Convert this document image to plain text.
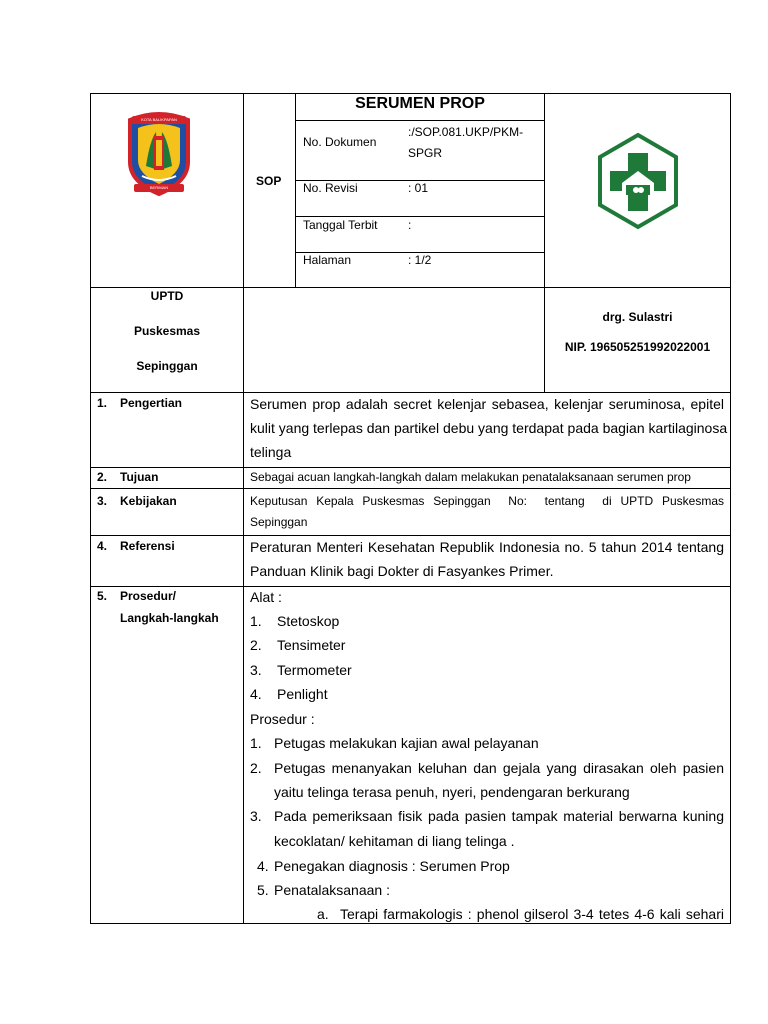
KOTA BALIKPAPAN
BERIMAN	SOP
SERUMEN PROP
No. Dokumen
:/SOP.081.UKP/PKM-
SPGR
No. Revisi	: 01
Tanggal Terbit	:
Halaman	: 1/2
UPTD
Puskesmas
Sepinggan
drg. Sulastri
NIP. 196505251992022001
1. Pengertian	Serumen prop adalah secret kelenjar sebasea, kelenjar seruminosa, epitel
kulit yang terlepas dan partikel debu yang terdapat pada bagian kartilaginosa
telinga
2. Tujuan	Sebagai acuan langkah-langkah dalam melakukan penatalaksanaan serumen prop
3. Kebijakan	Keputusan Kepala Puskesmas Sepinggan  No:  tentang  di UPTD Puskesmas
Sepinggan
4. Referensi	Peraturan Menteri Kesehatan Republik Indonesia no. 5 tahun 2014 tentang
Panduan Klinik bagi Dokter di Fasyankes Primer.
5. Prosedur/
Langkah-langkah
Alat :
1. Stetoskop
2. Tensimeter
3. Termometer
4. Penlight
Prosedur :
1. Petugas melakukan kajian awal pelayanan
2. Petugas menanyakan keluhan dan gejala yang dirasakan oleh pasien
yaitu telinga terasa penuh, nyeri, pendengaran berkurang
3. Pada pemeriksaan fisik pada pasien tampak material berwarna kuning
kecoklatan/ kehitaman di liang telinga .
4. Penegakan diagnosis : Serumen Prop
5. Penatalaksanaan :
a. Terapi farmakologis : phenol gilserol 3-4 tetes 4-6 kali sehari
